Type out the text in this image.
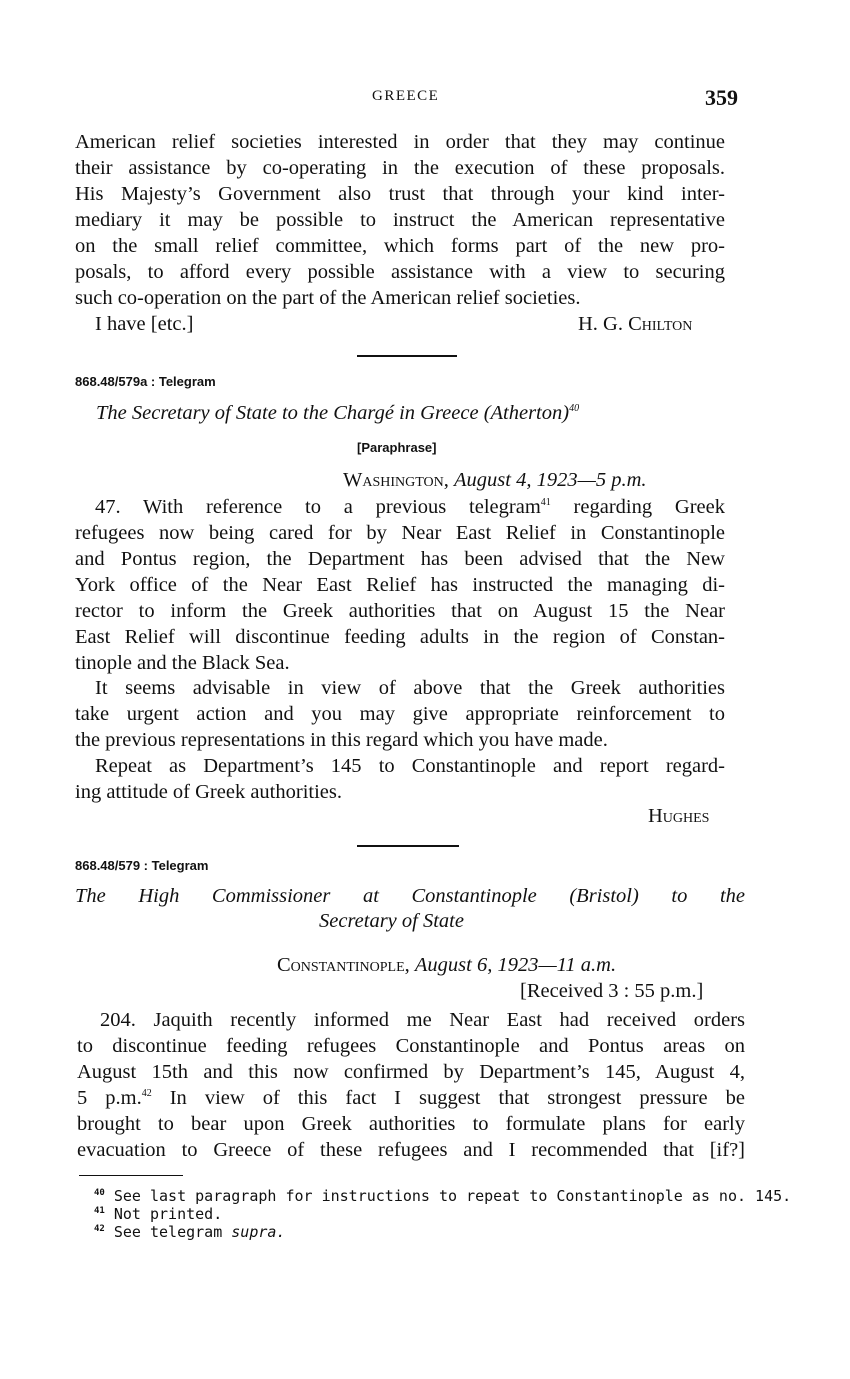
GREECE	359
American relief societies interested in order that they may continue
their assistance by co-operating in the execution of these proposals.
His Majesty’s Government also trust that through your kind inter-
mediary it may be possible to instruct the American representative
on the small relief committee, which forms part of the new pro-
posals, to afford every possible assistance with a view to securing
such co-operation on the part of the American relief societies.
I have [etc.]	H. G. Chilton
868.48/579a : Telegram
The Secretary of State to the Chargé in Greece (Atherton)$^{40}$
[Paraphrase]
Washington, August 4, 1923—5 p.m.
47. With reference to a previous telegram$^{41}$ regarding Greek
refugees now being cared for by Near East Relief in Constantinople
and Pontus region, the Department has been advised that the New
York office of the Near East Relief has instructed the managing di-
rector to inform the Greek authorities that on August 15 the Near
East Relief will discontinue feeding adults in the region of Constan-
tinople and the Black Sea.
It seems advisable in view of above that the Greek authorities
take urgent action and you may give appropriate reinforcement to
the previous representations in this regard which you have made.
Repeat as Department’s 145 to Constantinople and report regard-
ing attitude of Greek authorities.
Hughes
868.48/579 : Telegram
The High Commissioner at Constantinople (Bristol) to the
Secretary of State
Constantinople, August 6, 1923—11 a.m.
[Received 3 : 55 p.m.]
204. Jaquith recently informed me Near East had received orders
to discontinue feeding refugees Constantinople and Pontus areas on
August 15th and this now confirmed by Department’s 145, August 4,
5 p.m.$^{42}$ In view of this fact I suggest that strongest pressure be
brought to bear upon Greek authorities to formulate plans for early
evacuation to Greece of these refugees and I recommended that [if?]
$^{40}$ See last paragraph for instructions to repeat to Constantinople as no. 145.
$^{41}$ Not printed.
$^{42}$ See telegram supra.
